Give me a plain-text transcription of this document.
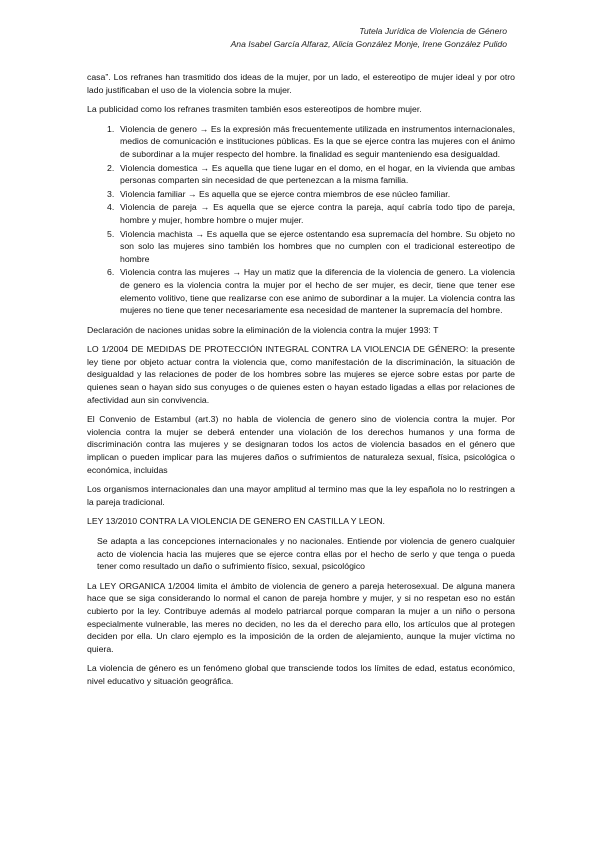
Tutela Jurídica de Violencia de Género
Ana Isabel García Alfaraz, Alicia González Monje, Irene González Pulido

casa”. Los refranes han trasmitido dos ideas de la mujer, por un lado, el estereotipo de mujer ideal y por otro lado justificaban el uso de la violencia sobre la mujer.

La publicidad como los refranes trasmiten también esos estereotipos de hombre mujer.

1. Violencia de genero → Es la expresión más frecuentemente utilizada en instrumentos internacionales, medios de comunicación e instituciones públicas. Es la que se ejerce contra las mujeres con el ánimo de subordinar a la mujer respecto del hombre. la finalidad es seguir manteniendo esa desigualdad.
2. Violencia domestica → Es aquella que tiene lugar en el domo, en el hogar, en la vivienda que ambas personas comparten sin necesidad de que pertenezcan a la misma familia.
3. Violencia familiar → Es aquella que se ejerce contra miembros de ese núcleo familiar.
4. Violencia de pareja → Es aquella que se ejerce contra la pareja, aquí cabría todo tipo de pareja, hombre y mujer, hombre hombre o mujer mujer.
5. Violencia machista → Es aquella que se ejerce ostentando esa supremacía del hombre. Su objeto no son solo las mujeres sino también los hombres que no cumplen con el tradicional estereotipo de hombre
6. Violencia contra las mujeres → Hay un matiz que la diferencia de la violencia de genero. La violencia de genero es la violencia contra la mujer por el hecho de ser mujer, es decir, tiene que tener ese elemento volitivo, tiene que realizarse con ese animo de subordinar a la mujer. La violencia contra las mujeres no tiene que tener necesariamente esa necesidad de mantener la supremacía del hombre.

Declaración de naciones unidas sobre la eliminación de la violencia contra la mujer 1993: T

LO 1/2004 DE MEDIDAS DE PROTECCIÓN INTEGRAL CONTRA LA VIOLENCIA DE GÉNERO: la presente ley tiene por objeto actuar contra la violencia que, como manifestación de la discriminación, la situación de desigualdad y las relaciones de poder de los hombres sobre las mujeres se ejerce sobre estas por parte de quienes sean o hayan sido sus conyuges o de quienes esten o hayan estado ligadas a ellas por relaciones de afectividad aun sin convivencia.

El Convenio de Estambul (art.3) no habla de violencia de genero sino de violencia contra la mujer. Por violencia contra la mujer se deberá entender una violación de los derechos humanos y una forma de discriminación contra las mujeres y se designaran todos los actos de violencia basados en el género que implican o pueden implicar para las mujeres daños o sufrimientos de naturaleza sexual, física, psicológica o económica, incluidas

Los organismos internacionales dan una mayor amplitud al termino mas que la ley española no lo restringen a la pareja tradicional.

LEY 13/2010 CONTRA LA VIOLENCIA DE GENERO EN CASTILLA Y LEON.

Se adapta a las concepciones internacionales y no nacionales. Entiende por violencia de genero cualquier acto de violencia hacia las mujeres que se ejerce contra ellas por el hecho de serlo y que tenga o pueda tener como resultado un daño o sufrimiento físico, sexual, psicológico

La LEY ORGANICA 1/2004 limita el ámbito de violencia de genero a pareja heterosexual. De alguna manera hace que se siga considerando lo normal el canon de pareja hombre y mujer, y si no respetan eso no están cubierto por la ley. Contribuye además al modelo patriarcal porque comparan la mujer a un niño o persona especialmente vulnerable, las meres no deciden, no les da el derecho para ello, los artículos que al protegen deciden por ella. Un claro ejemplo es la imposición de la orden de alejamiento, aunque la mujer víctima no quiera.

La violencia de género es un fenómeno global que transciende todos los límites de edad, estatus económico, nivel educativo y situación geográfica.
